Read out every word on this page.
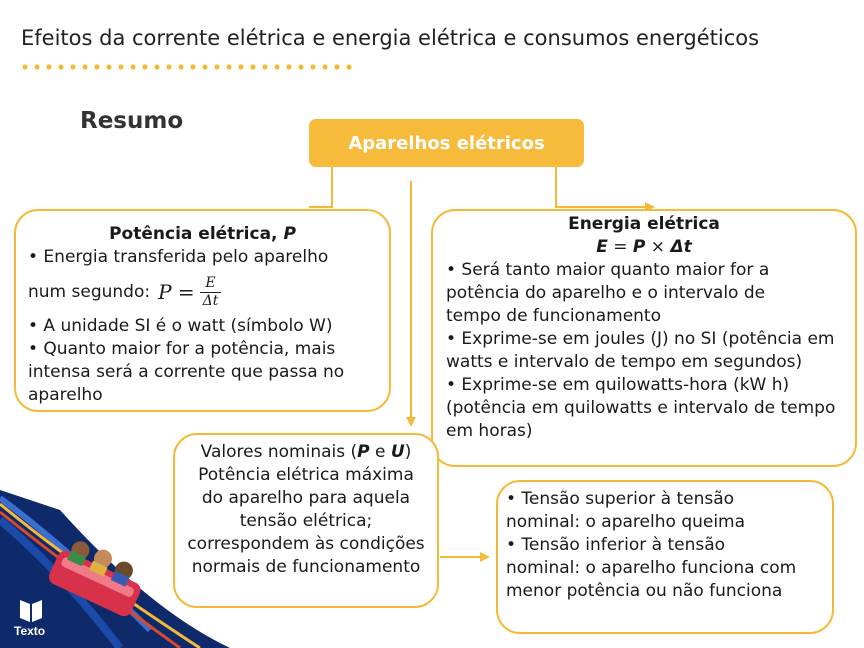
Efeitos da corrente elétrica e energia elétrica e consumos energéticos
Resumo
Aparelhos elétricos
Potência elétrica, P
• Energia transferida pelo aparelho
num segundo: $P = \frac{E}{\Delta t}$
• A unidade SI é o watt (símbolo W)
• Quanto maior for a potência, mais intensa será a corrente que passa no aparelho
Energia elétrica
E = P × Δt
• Será tanto maior quanto maior for a potência do aparelho e o intervalo de tempo de funcionamento
• Exprime-se em joules (J) no SI (potência em watts e intervalo de tempo em segundos)
• Exprime-se em quilowatts-hora (kW h) (potência em quilowatts e intervalo de tempo em horas)
Texto
Valores nominais (P e U)
Potência elétrica máxima do aparelho para aquela tensão elétrica; correspondem às condições normais de funcionamento
• Tensão superior à tensão nominal: o aparelho queima
• Tensão inferior à tensão nominal: o aparelho funciona com menor potência ou não funciona
